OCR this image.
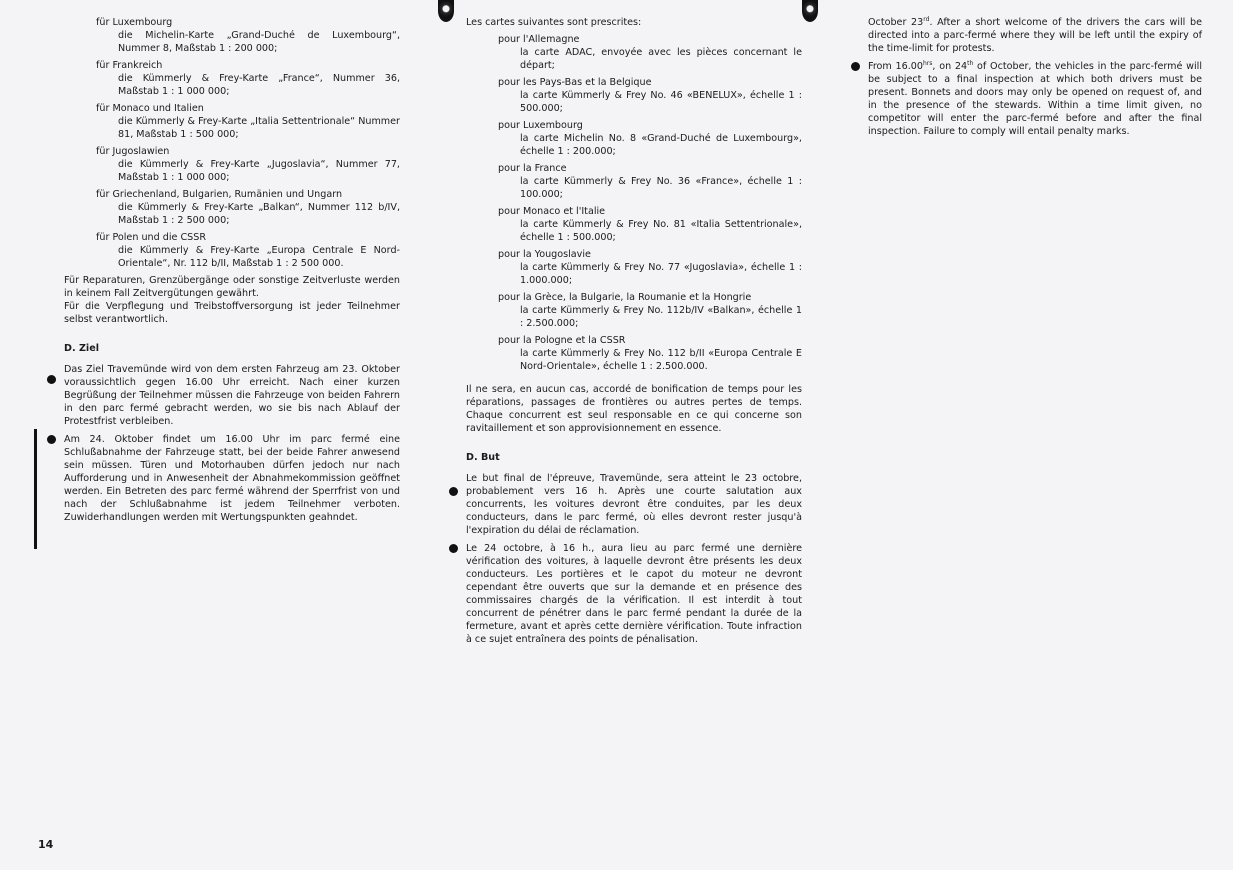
für Luxembourg
die Michelin-Karte „Grand-Duché de Luxembourg“, Nummer 8, Maßstab 1 : 200 000;
für Frankreich
die Kümmerly & Frey-Karte „France“, Nummer 36, Maßstab 1 : 1 000 000;
für Monaco und Italien
die Kümmerly & Frey-Karte „Italia Settentrionale“ Nummer 81, Maßstab 1 : 500 000;
für Jugoslawien
die Kümmerly & Frey-Karte „Jugoslavia“, Nummer 77, Maßstab 1 : 1 000 000;
für Griechenland, Bulgarien, Rumänien und Ungarn
die Kümmerly & Frey-Karte „Balkan“, Nummer 112 b/IV, Maßstab 1 : 2 500 000;
für Polen und die CSSR
die Kümmerly & Frey-Karte „Europa Centrale E Nord-Orientale“, Nr. 112 b/II, Maßstab 1 : 2 500 000.

Für Reparaturen, Grenzübergänge oder sonstige Zeitverluste werden in keinem Fall Zeitvergütungen gewährt.

Für die Verpflegung und Treibstoffversorgung ist jeder Teilnehmer selbst verantwortlich.

D. Ziel
Das Ziel Travemünde wird von dem ersten Fahrzeug am 23. Oktober voraussichtlich gegen 16.00 Uhr erreicht. Nach einer kurzen Begrüßung der Teilnehmer müssen die Fahrzeuge von beiden Fahrern in den parc fermé gebracht werden, wo sie bis nach Ablauf der Protestfrist verbleiben.
Am 24. Oktober findet um 16.00 Uhr im parc fermé eine Schlußabnahme der Fahrzeuge statt, bei der beide Fahrer anwesend sein müssen. Türen und Motorhauben dürfen jedoch nur nach Aufforderung und in Anwesenheit der Abnahmekommission geöffnet werden. Ein Betreten des parc fermé während der Sperrfrist von und nach der Schlußabnahme ist jedem Teilnehmer verboten. Zuwiderhandlungen werden mit Wertungspunkten geahndet.

Les cartes suivantes sont prescrites:

pour l'Allemagne
la carte ADAC, envoyée avec les pièces concernant le départ;
pour les Pays-Bas et la Belgique
la carte Kümmerly & Frey No. 46 «BENELUX», échelle 1 : 500.000;
pour Luxembourg
la carte Michelin No. 8 «Grand-Duché de Luxembourg», échelle 1 : 200.000;
pour la France
la carte Kümmerly & Frey No. 36 «France», échelle 1 : 100.000;
pour Monaco et l'Italie
la carte Kümmerly & Frey No. 81 «Italia Settentrionale», échelle 1 : 500.000;
pour la Yougoslavie
la carte Kümmerly & Frey No. 77 «Jugoslavia», échelle 1 : 1.000.000;
pour la Grèce, la Bulgarie, la Roumanie et la Hongrie
la carte Kümmerly & Frey No. 112b/IV «Balkan», échelle 1 : 2.500.000;
pour la Pologne et la CSSR
la carte Kümmerly & Frey No. 112 b/II «Europa Centrale E Nord-Orientale», échelle 1 : 2.500.000.

Il ne sera, en aucun cas, accordé de bonification de temps pour les réparations, passages de frontières ou autres pertes de temps. Chaque concurrent est seul responsable en ce qui concerne son ravitaillement et son approvisionnement en essence.

D. But
Le but final de l'épreuve, Travemünde, sera atteint le 23 octobre, probablement vers 16 h. Après une courte salutation aux concurrents, les voitures devront être conduites, par les deux conducteurs, dans le parc fermé, où elles devront rester jusqu'à l'expiration du délai de réclamation.
Le 24 octobre, à 16 h., aura lieu au parc fermé une dernière vérification des voitures, à laquelle devront être présents les deux conducteurs. Les portières et le capot du moteur ne devront cependant être ouverts que sur la demande et en présence des commissaires chargés de la vérification. Il est interdit à tout concurrent de pénétrer dans le parc fermé pendant la durée de la fermeture, avant et après cette dernière vérification. Toute infraction à ce sujet entraînera des points de pénalisation.
October 23rd. After a short welcome of the drivers the cars will be directed into a parc-fermé where they will be left until the expiry of the time-limit for protests.
From $16.00^{hrs}$, on 24th of October, the vehicles in the parc-fermé will be subject to a final inspection at which both drivers must be present. Bonnets and doors may only be opened on request of, and in the presence of the stewards. Within a time limit given, no competitor will enter the parc-fermé before and after the final inspection. Failure to comply will entail penalty marks.
14
